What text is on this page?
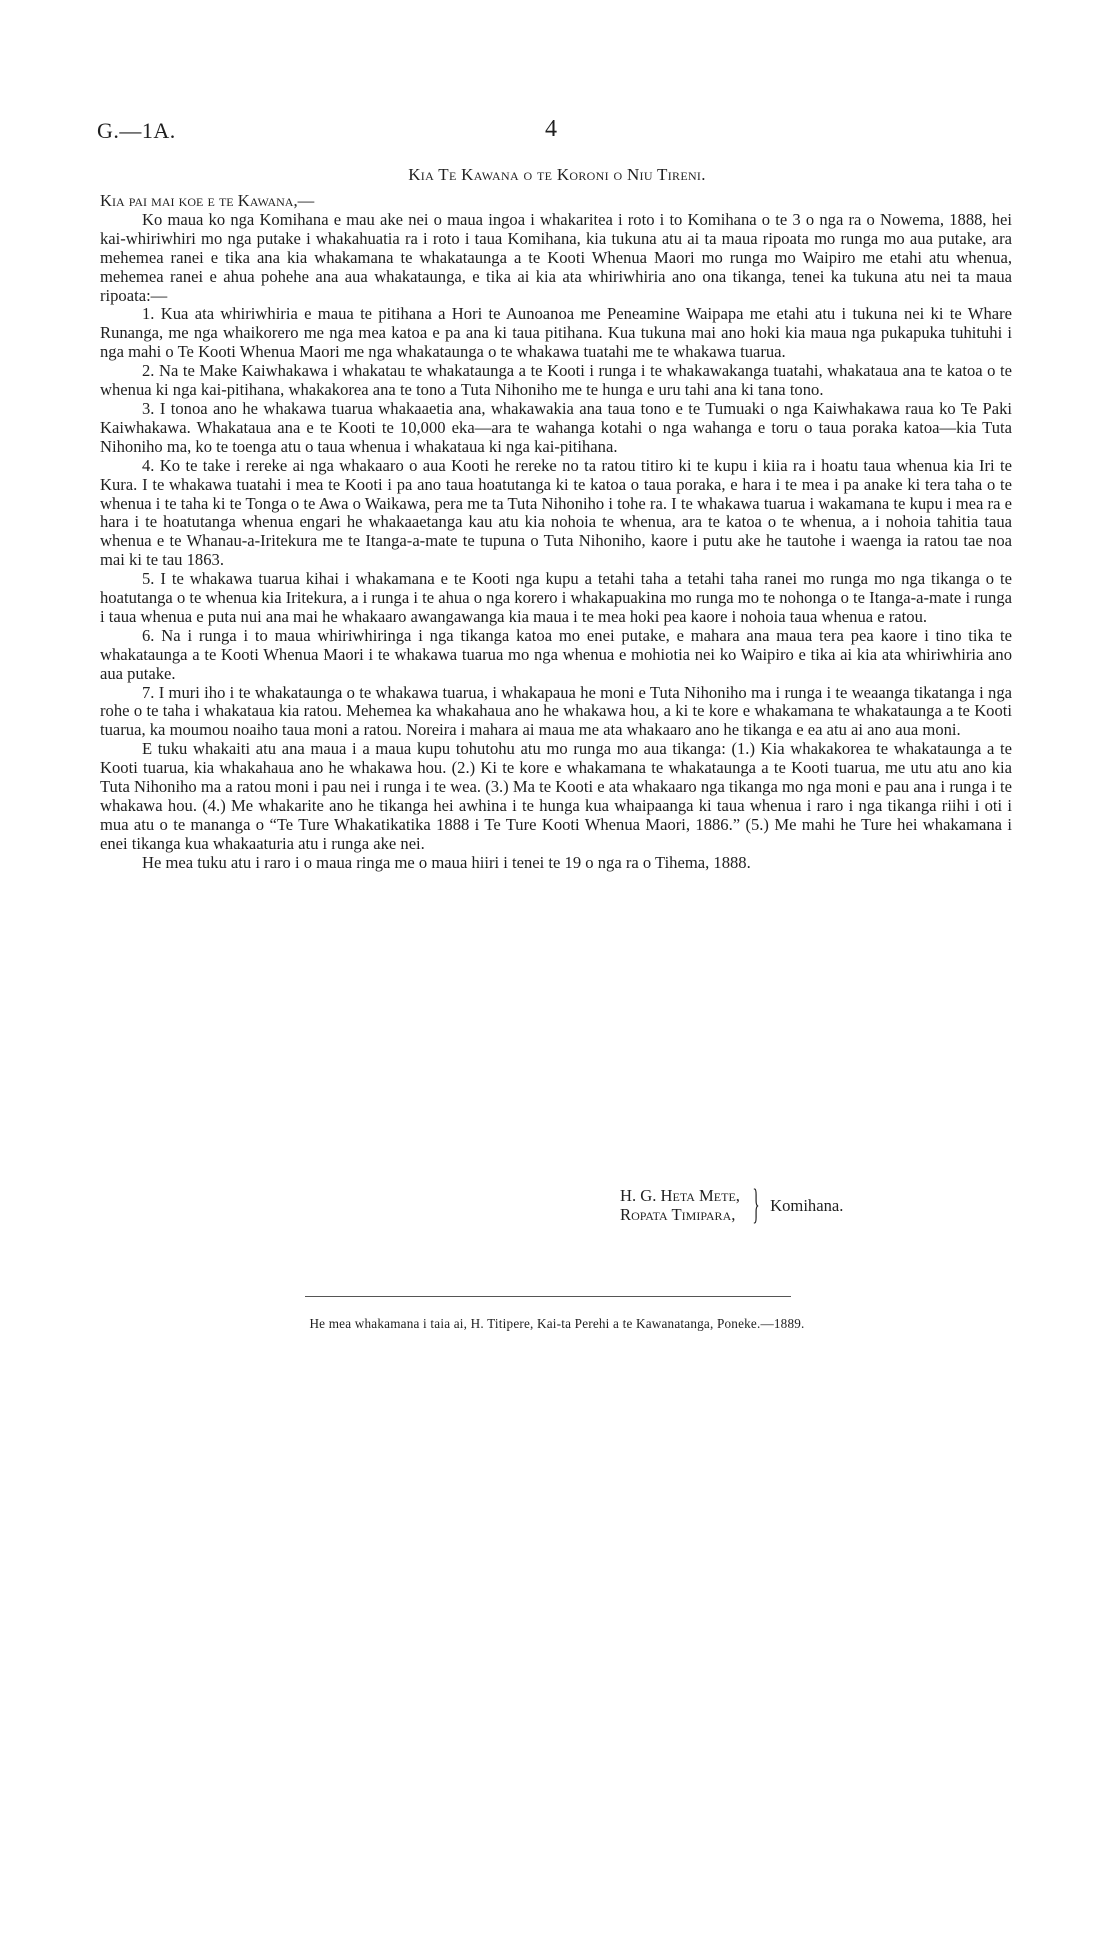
G.—1A.	4
Kia Te Kawana o te Koroni o Niu Tireni.

Kia pai mai koe e te Kawana,—

Ko maua ko nga Komihana e mau ake nei o maua ingoa i whakaritea i roto i to Komihana o te 3 o nga ra o Nowema, 1888, hei kai-whiriwhiri mo nga putake i whakahuatia ra i roto i taua Komihana, kia tukuna atu ai ta maua ripoata mo runga mo aua putake, ara mehemea ranei e tika ana kia whakamana te whakataunga a te Kooti Whenua Maori mo runga mo Waipiro me etahi atu whenua, mehemea ranei e ahua pohehe ana aua whakataunga, e tika ai kia ata whiriwhiria ano ona tikanga, tenei ka tukuna atu nei ta maua ripoata:—

1. Kua ata whiriwhiria e maua te pitihana a Hori te Aunoanoa me Peneamine Waipapa me etahi atu i tukuna nei ki te Whare Runanga, me nga whaikorero me nga mea katoa e pa ana ki taua pitihana. Kua tukuna mai ano hoki kia maua nga pukapuka tuhituhi i nga mahi o Te Kooti Whenua Maori me nga whakataunga o te whakawa tuatahi me te whakawa tuarua.

2. Na te Make Kaiwhakawa i whakatau te whakataunga a te Kooti i runga i te whakawakanga tuatahi, whakataua ana te katoa o te whenua ki nga kai-pitihana, whakakorea ana te tono a Tuta Nihoniho me te hunga e uru tahi ana ki tana tono.

3. I tonoa ano he whakawa tuarua whakaaetia ana, whakawakia ana taua tono e te Tumuaki o nga Kaiwhakawa raua ko Te Paki Kaiwhakawa. Whakataua ana e te Kooti te 10,000 eka—ara te wahanga kotahi o nga wahanga e toru o taua poraka katoa—kia Tuta Nihoniho ma, ko te toenga atu o taua whenua i whakataua ki nga kai-pitihana.

4. Ko te take i rereke ai nga whakaaro o aua Kooti he rereke no ta ratou titiro ki te kupu i kiia ra i hoatu taua whenua kia Iri te Kura. I te whakawa tuatahi i mea te Kooti i pa ano taua hoatutanga ki te katoa o taua poraka, e hara i te mea i pa anake ki tera taha o te whenua i te taha ki te Tonga o te Awa o Waikawa, pera me ta Tuta Nihoniho i tohe ra. I te whakawa tuarua i wakamana te kupu i mea ra e hara i te hoatutanga whenua engari he whakaaetanga kau atu kia nohoia te whenua, ara te katoa o te whenua, a i nohoia tahitia taua whenua e te Whanau-a-Iritekura me te Itanga-a-mate te tupuna o Tuta Nihoniho, kaore i putu ake he tautohe i waenga ia ratou tae noa mai ki te tau 1863.

5. I te whakawa tuarua kihai i whakamana e te Kooti nga kupu a tetahi taha a tetahi taha ranei mo runga mo nga tikanga o te hoatutanga o te whenua kia Iritekura, a i runga i te ahua o nga korero i whakapuakina mo runga mo te nohonga o te Itanga-a-mate i runga i taua whenua e puta nui ana mai he whakaaro awangawanga kia maua i te mea hoki pea kaore i nohoia taua whenua e ratou.

6. Na i runga i to maua whiriwhiringa i nga tikanga katoa mo enei putake, e mahara ana maua tera pea kaore i tino tika te whakataunga a te Kooti Whenua Maori i te whakawa tuarua mo nga whenua e mohiotia nei ko Waipiro e tika ai kia ata whiriwhiria ano aua putake.

7. I muri iho i te whakataunga o te whakawa tuarua, i whakapaua he moni e Tuta Nihoniho ma i runga i te weaanga tikatanga i nga rohe o te taha i whakataua kia ratou. Mehemea ka whakahaua ano he whakawa hou, a ki te kore e whakamana te whakataunga a te Kooti tuarua, ka moumou noaiho taua moni a ratou. Noreira i mahara ai maua me ata whakaaro ano he tikanga e ea atu ai ano aua moni.

E tuku whakaiti atu ana maua i a maua kupu tohutohu atu mo runga mo aua tikanga: (1.) Kia whakakorea te whakataunga a te Kooti tuarua, kia whakahaua ano he whakawa hou. (2.) Ki te kore e whakamana te whakataunga a te Kooti tuarua, me utu atu ano kia Tuta Nihoniho ma a ratou moni i pau nei i runga i te wea. (3.) Ma te Kooti e ata whakaaro nga tikanga mo nga moni e pau ana i runga i te whakawa hou. (4.) Me whakarite ano he tikanga hei awhina i te hunga kua whaipaanga ki taua whenua i raro i nga tikanga riihi i oti i mua atu o te mananga o “Te Ture Whakatikatika 1888 i Te Ture Kooti Whenua Maori, 1886.” (5.) Me mahi he Ture hei whakamana i enei tikanga kua whakaaturia atu i runga ake nei.

He mea tuku atu i raro i o maua ringa me o maua hiiri i tenei te 19 o nga ra o Tihema, 1888.

H. G. Heta Mete,
Ropata Timipara, } Komihana.
He mea whakamana i taia ai, H. Titipere, Kai-ta Perehi a te Kawanatanga, Poneke.—1889.
